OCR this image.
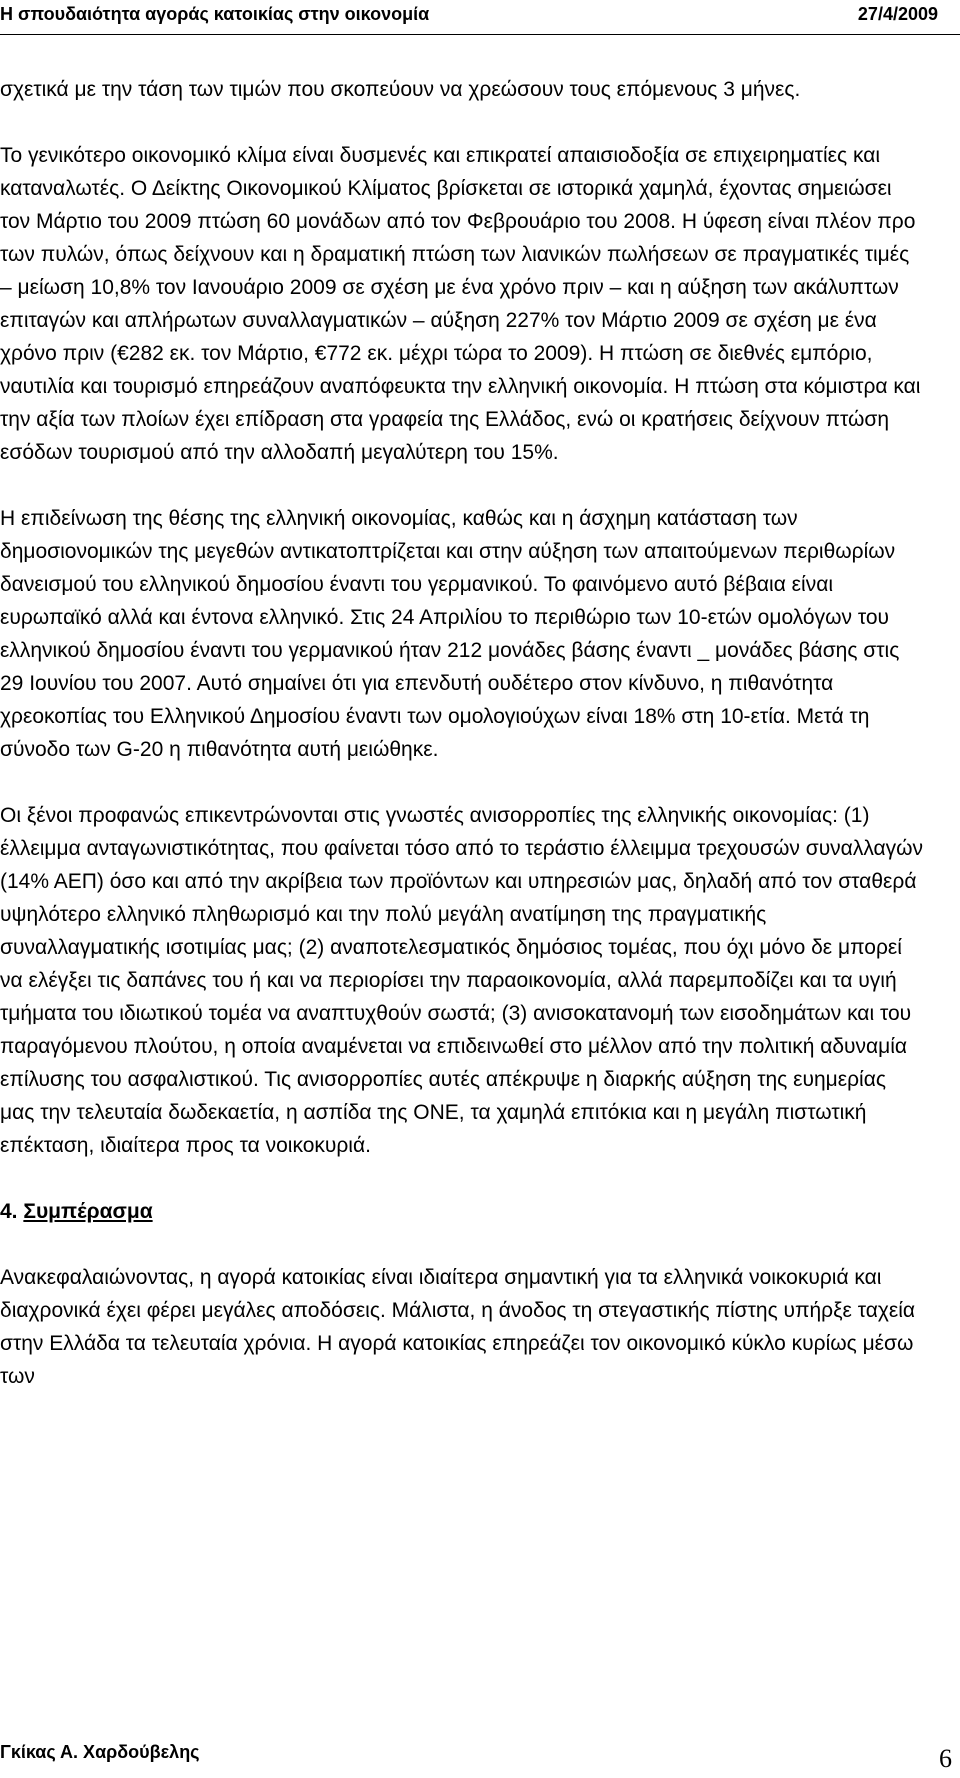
Η σπουδαιότητα αγοράς κατοικίας στην οικονομία	27/4/2009

σχετικά με την τάση των τιμών που σκοπεύουν να χρεώσουν τους επόμενους 3 μήνες.

Το γενικότερο οικονομικό κλίμα είναι δυσμενές και επικρατεί απαισιοδοξία σε επιχειρηματίες και καταναλωτές. Ο Δείκτης Οικονομικού Κλίματος βρίσκεται σε ιστορικά χαμηλά, έχοντας σημειώσει τον Μάρτιο του 2009 πτώση 60 μονάδων από τον Φεβρουάριο του 2008. Η ύφεση είναι πλέον προ των πυλών, όπως δείχνουν και η δραματική πτώση των λιανικών πωλήσεων σε πραγματικές τιμές – μείωση 10,8% τον Ιανουάριο 2009 σε σχέση με ένα χρόνο πριν – και η αύξηση των ακάλυπτων επιταγών και απλήρωτων συναλλαγματικών – αύξηση 227% τον Μάρτιο 2009 σε σχέση με ένα χρόνο πριν (€282 εκ. τον Μάρτιο, €772 εκ. μέχρι τώρα το 2009). Η πτώση σε διεθνές εμπόριο, ναυτιλία και τουρισμό επηρεάζουν αναπόφευκτα την ελληνική οικονομία. Η πτώση στα κόμιστρα και την αξία των πλοίων έχει επίδραση στα γραφεία της Ελλάδος, ενώ οι κρατήσεις δείχνουν πτώση εσόδων τουρισμού από την αλλοδαπή μεγαλύτερη του 15%.

Η επιδείνωση της θέσης της ελληνική οικονομίας, καθώς και η άσχημη κατάσταση των δημοσιονομικών της μεγεθών αντικατοπτρίζεται και στην αύξηση των απαιτούμενων περιθωρίων δανεισμού του ελληνικού δημοσίου έναντι του γερμανικού. Το φαινόμενο αυτό βέβαια είναι ευρωπαϊκό αλλά και έντονα ελληνικό. Στις 24 Απριλίου το περιθώριο των 10-ετών ομολόγων του ελληνικού δημοσίου έναντι του γερμανικού ήταν 212 μονάδες βάσης έναντι _ μονάδες βάσης στις 29 Ιουνίου του 2007. Αυτό σημαίνει ότι για επενδυτή ουδέτερο στον κίνδυνο, η πιθανότητα χρεοκοπίας του Ελληνικού Δημοσίου έναντι των ομολογιούχων είναι 18% στη 10-ετία. Μετά τη σύνοδο των G-20 η πιθανότητα αυτή μειώθηκε.

Οι ξένοι προφανώς επικεντρώνονται στις γνωστές ανισορροπίες της ελληνικής οικονομίας: (1) έλλειμμα ανταγωνιστικότητας, που φαίνεται τόσο από το τεράστιο έλλειμμα τρεχουσών συναλλαγών (14% ΑΕΠ) όσο και από την ακρίβεια των προϊόντων και υπηρεσιών μας, δηλαδή από τον σταθερά υψηλότερο ελληνικό πληθωρισμό και την πολύ μεγάλη ανατίμηση της πραγματικής συναλλαγματικής ισοτιμίας μας; (2) αναποτελεσματικός δημόσιος τομέας, που όχι μόνο δε μπορεί να ελέγξει τις δαπάνες του ή και να περιορίσει την παραοικονομία, αλλά παρεμποδίζει και τα υγιή τμήματα του ιδιωτικού τομέα να αναπτυχθούν σωστά; (3) ανισοκατανομή των εισοδημάτων και του παραγόμενου πλούτου, η οποία αναμένεται να επιδεινωθεί στο μέλλον από την πολιτική αδυναμία επίλυσης του ασφαλιστικού. Τις ανισορροπίες αυτές απέκρυψε η διαρκής αύξηση της ευημερίας μας την τελευταία δωδεκαετία, η ασπίδα της ΟΝΕ, τα χαμηλά επιτόκια και η μεγάλη πιστωτική επέκταση, ιδιαίτερα προς τα νοικοκυριά.

4. Συμπέρασμα

Ανακεφαλαιώνοντας, η αγορά κατοικίας είναι ιδιαίτερα σημαντική για τα ελληνικά νοικοκυριά και διαχρονικά έχει φέρει μεγάλες αποδόσεις. Μάλιστα, η άνοδος τη στεγαστικής πίστης υπήρξε ταχεία στην Ελλάδα τα τελευταία χρόνια. Η αγορά κατοικίας επηρεάζει τον οικονομικό κύκλο κυρίως μέσω των

Γκίκας Α. Χαρδούβελης	6
